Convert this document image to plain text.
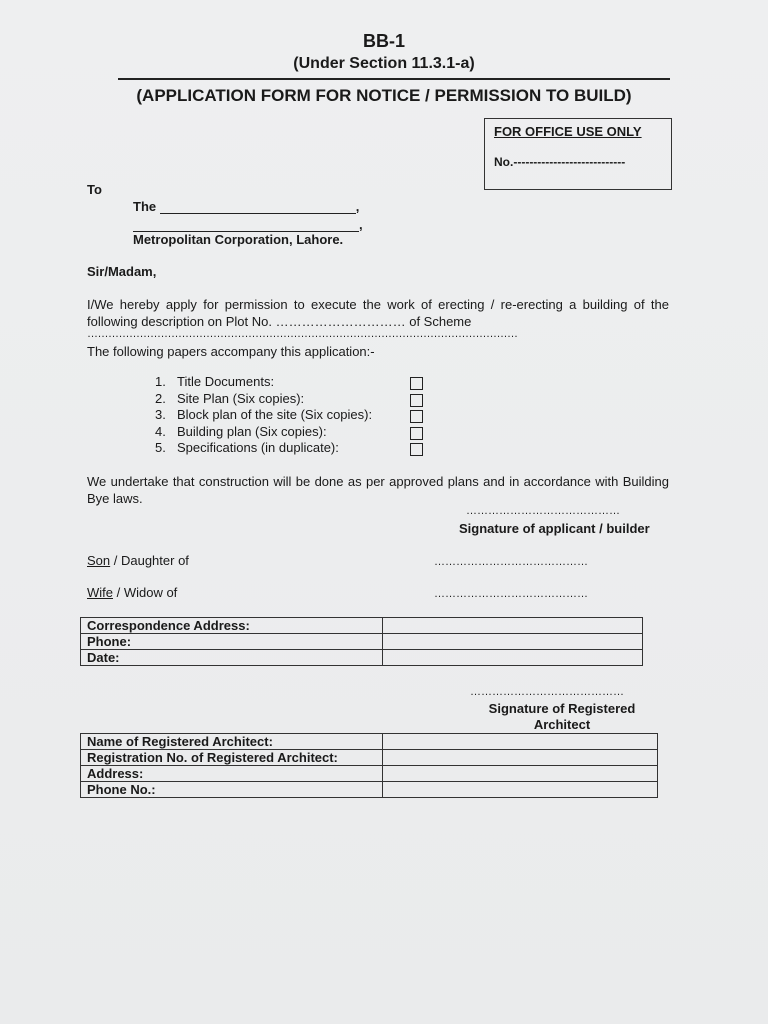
BB-1
(Under Section 11.3.1-a)
(APPLICATION FORM FOR NOTICE / PERMISSION TO BUILD)
FOR OFFICE USE ONLY
No.----------------------------
To
The	,
,
Metropolitan Corporation, Lahore.
Sir/Madam,
I/We hereby apply for permission to execute the work of erecting / re-erecting a building of the following description on Plot No. ………………………… of Scheme
……………………………………………………………………………………………………………
The following papers accompany this application:-
1. Title Documents:
2. Site Plan (Six copies):
3. Block plan of the site (Six copies):
4. Building plan (Six copies):
5. Specifications (in duplicate):
We undertake that construction will be done as per approved plans and in accordance with Building Bye laws.
……………………………………
Signature of applicant / builder
Son / Daughter of	……………………………………
Wife / Widow of	……………………………………
Correspondence Address:	
Phone:	
Date:	
……………………………………
Signature of Registered
Architect
Name of Registered Architect:	
Registration No. of Registered Architect:	
Address:	
Phone No.:	
